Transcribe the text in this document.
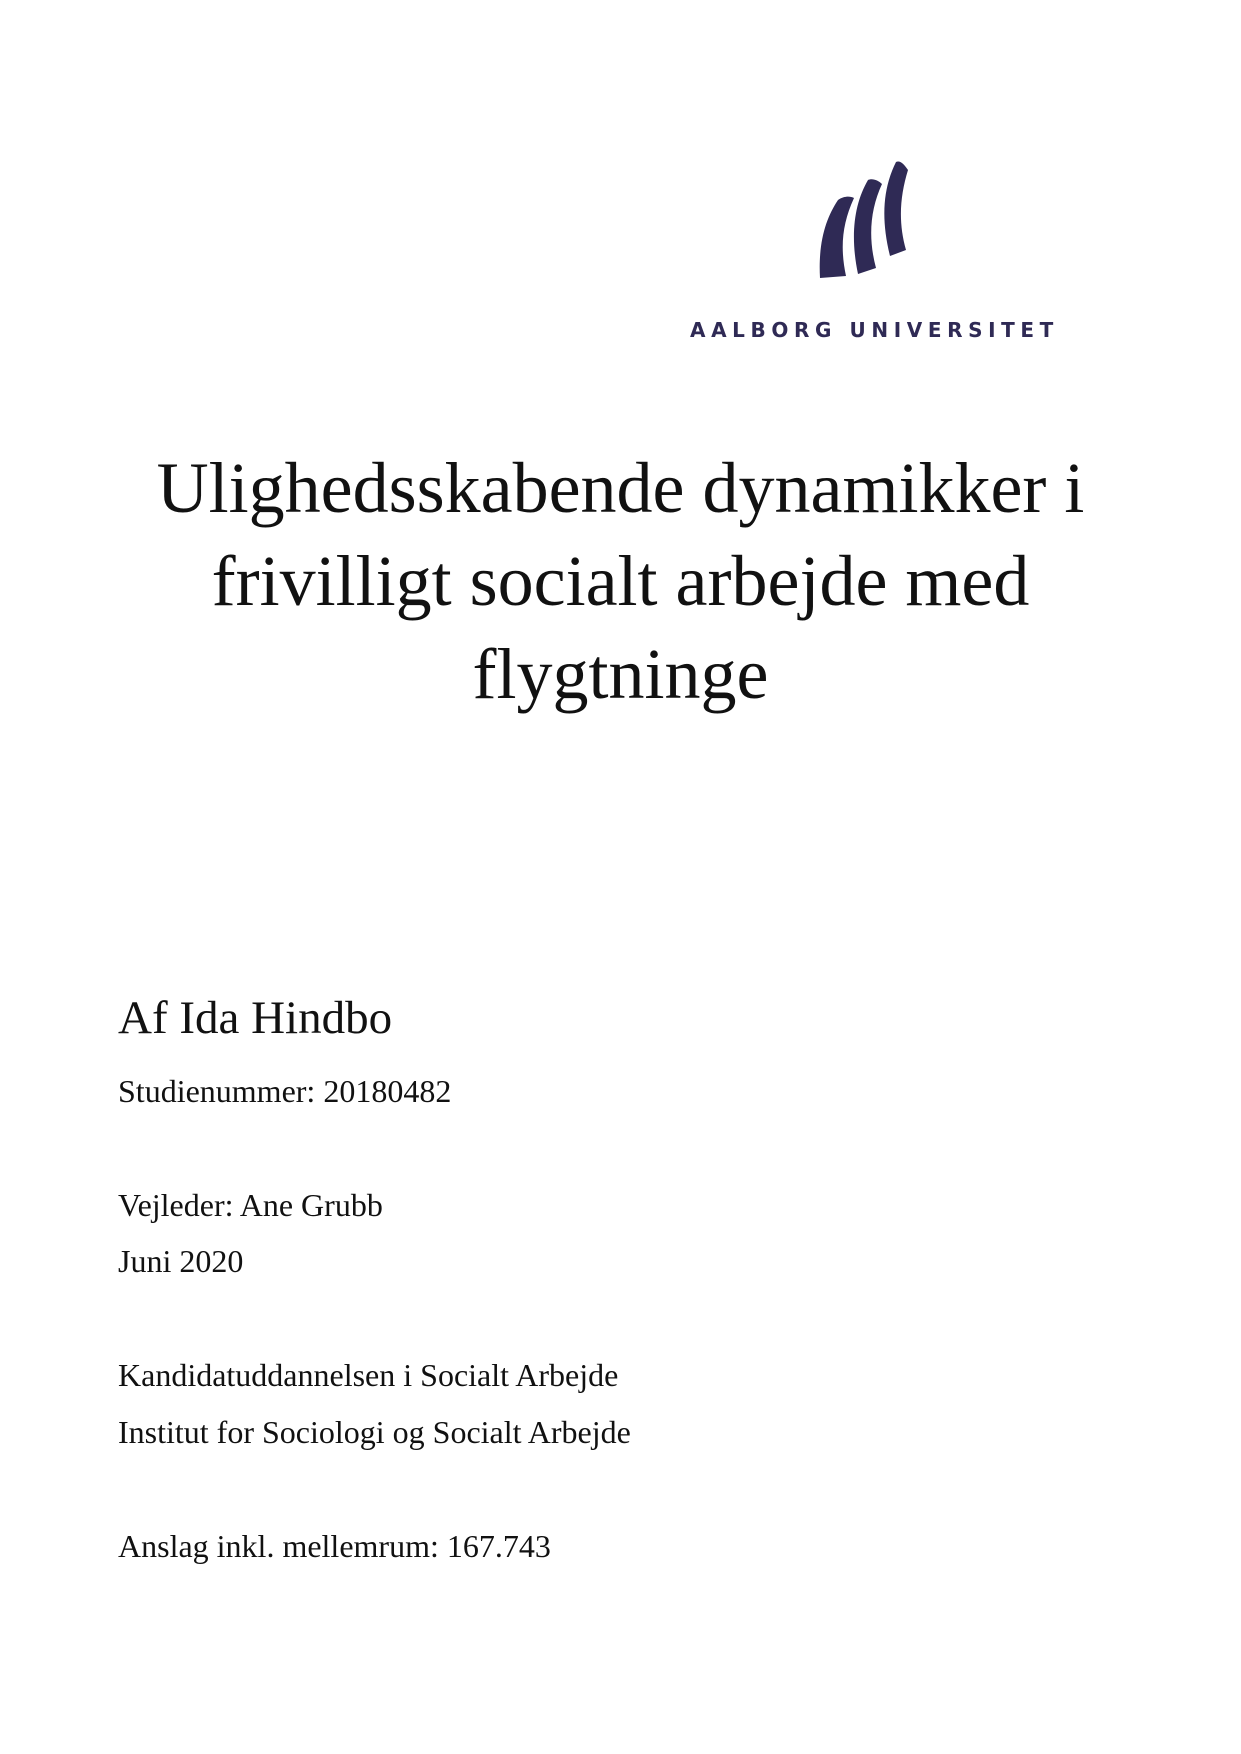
AALBORG UNIVERSITET
Ulighedsskabende dynamikker i
frivilligt socialt arbejde med
flygtninge

Af Ida Hindbo

Studienummer: 20180482
Vejleder: Ane Grubb
Juni 2020
Kandidatuddannelsen i Socialt Arbejde
Institut for Sociologi og Socialt Arbejde
Anslag inkl. mellemrum: 167.743
